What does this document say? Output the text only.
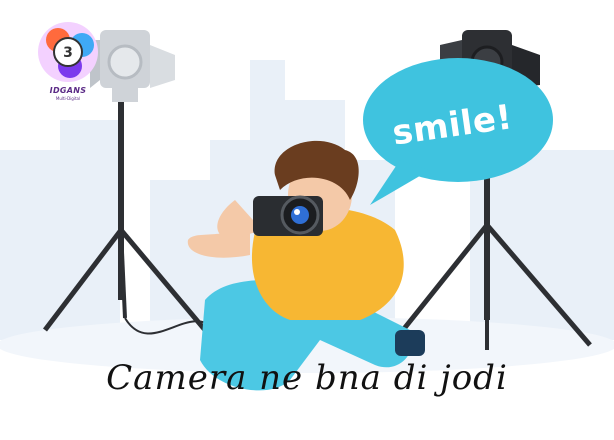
3
IDGANS
Multi-Digital	smile!
Camera ne bna di jodi
